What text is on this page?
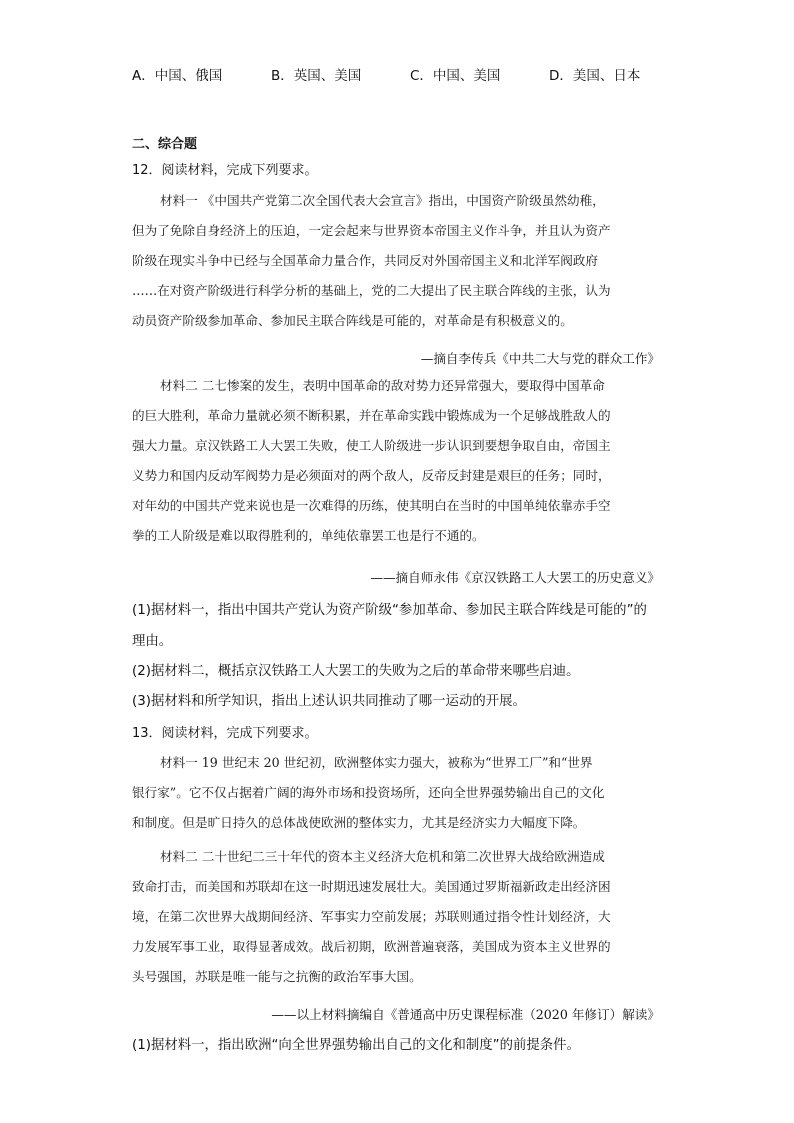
A．中国、俄国	B．英国、美国	C．中国、美国	D．美国、日本
二、综合题
12．阅读材料，完成下列要求。
材料一 《中国共产党第二次全国代表大会宣言》指出，中国资产阶级虽然幼稚，
但为了免除自身经济上的压迫，一定会起来与世界资本帝国主义作斗争，并且认为资产
阶级在现实斗争中已经与全国革命力量合作，共同反对外国帝国主义和北洋军阀政府
……在对资产阶级进行科学分析的基础上，党的二大提出了民主联合阵线的主张，认为
动员资产阶级参加革命、参加民主联合阵线是可能的，对革命是有积极意义的。
—摘自李传兵《中共二大与党的群众工作》
材料二 二七惨案的发生，表明中国革命的敌对势力还异常强大，要取得中国革命
的巨大胜利，革命力量就必须不断积累，并在革命实践中锻炼成为一个足够战胜敌人的
强大力量。京汉铁路工人大罢工失败，使工人阶级进一步认识到要想争取自由，帝国主
义势力和国内反动军阀势力是必须面对的两个敌人，反帝反封建是艰巨的任务；同时，
对年幼的中国共产党来说也是一次难得的历练，使其明白在当时的中国单纯依靠赤手空
拳的工人阶级是难以取得胜利的，单纯依靠罢工也是行不通的。
——摘自师永伟《京汉铁路工人大罢工的历史意义》
(1)据材料一，指出中国共产党认为资产阶级“参加革命、参加民主联合阵线是可能的”的
理由。
(2)据材料二，概括京汉铁路工人大罢工的失败为之后的革命带来哪些启迪。
(3)据材料和所学知识，指出上述认识共同推动了哪一运动的开展。
13．阅读材料，完成下列要求。
材料一 19 世纪末 20 世纪初，欧洲整体实力强大，被称为“世界工厂”和“世界
银行家”。它不仅占据着广阔的海外市场和投资场所，还向全世界强势输出自己的文化
和制度。但是旷日持久的总体战使欧洲的整体实力，尤其是经济实力大幅度下降。
材料二 二十世纪二三十年代的资本主义经济大危机和第二次世界大战给欧洲造成
致命打击，而美国和苏联却在这一时期迅速发展壮大。美国通过罗斯福新政走出经济困
境，在第二次世界大战期间经济、军事实力空前发展；苏联则通过指令性计划经济，大
力发展军事工业，取得显著成效。战后初期，欧洲普遍衰落，美国成为资本主义世界的
头号强国，苏联是唯一能与之抗衡的政治军事大国。
——以上材料摘编自《普通高中历史课程标准（2020 年修订）解读》
(1)据材料一，指出欧洲“向全世界强势输出自己的文化和制度”的前提条件。
